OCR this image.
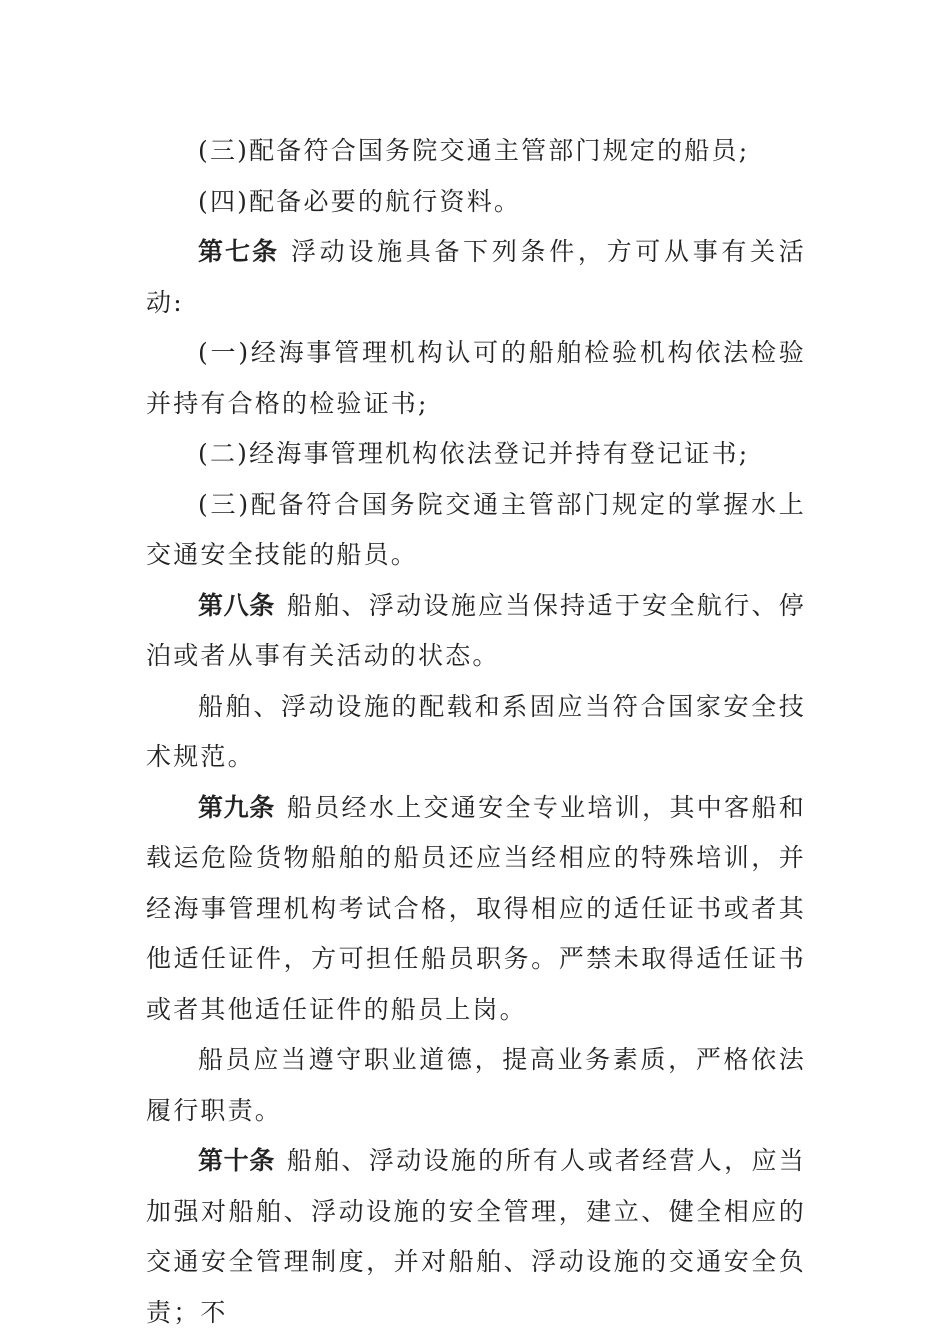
(三)配备符合国务院交通主管部门规定的船员;

(四)配备必要的航行资料。

第七条 浮动设施具备下列条件，方可从事有关活动:

(一)经海事管理机构认可的船舶检验机构依法检验并持有合格的检验证书;

(二)经海事管理机构依法登记并持有登记证书;

(三)配备符合国务院交通主管部门规定的掌握水上交通安全技能的船员。

第八条 船舶、浮动设施应当保持适于安全航行、停泊或者从事有关活动的状态。

船舶、浮动设施的配载和系固应当符合国家安全技术规范。

第九条 船员经水上交通安全专业培训，其中客船和载运危险货物船舶的船员还应当经相应的特殊培训，并经海事管理机构考试合格，取得相应的适任证书或者其他适任证件，方可担任船员职务。严禁未取得适任证书或者其他适任证件的船员上岗。

船员应当遵守职业道德，提高业务素质，严格依法履行职责。

第十条 船舶、浮动设施的所有人或者经营人，应当加强对船舶、浮动设施的安全管理，建立、健全相应的交通安全管理制度，并对船舶、浮动设施的交通安全负责；不
